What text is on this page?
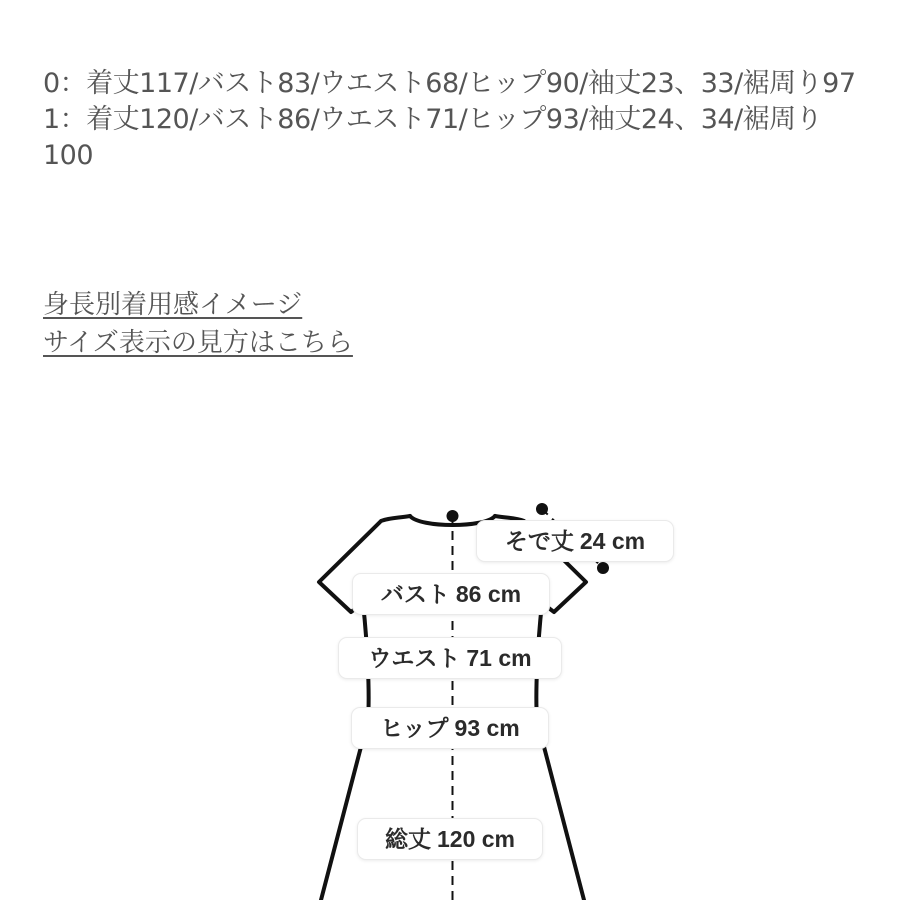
0：着丈117/バスト83/ウエスト68/ヒップ90/袖丈23、33/裾周り97

1：着丈120/バスト86/ウエスト71/ヒップ93/袖丈24、34/裾周り100

身長別着用感イメージ
サイズ表示の見方はこちら
そで丈 24 cm
バスト 86 cm
ウエスト 71 cm
ヒップ 93 cm
総丈 120 cm
